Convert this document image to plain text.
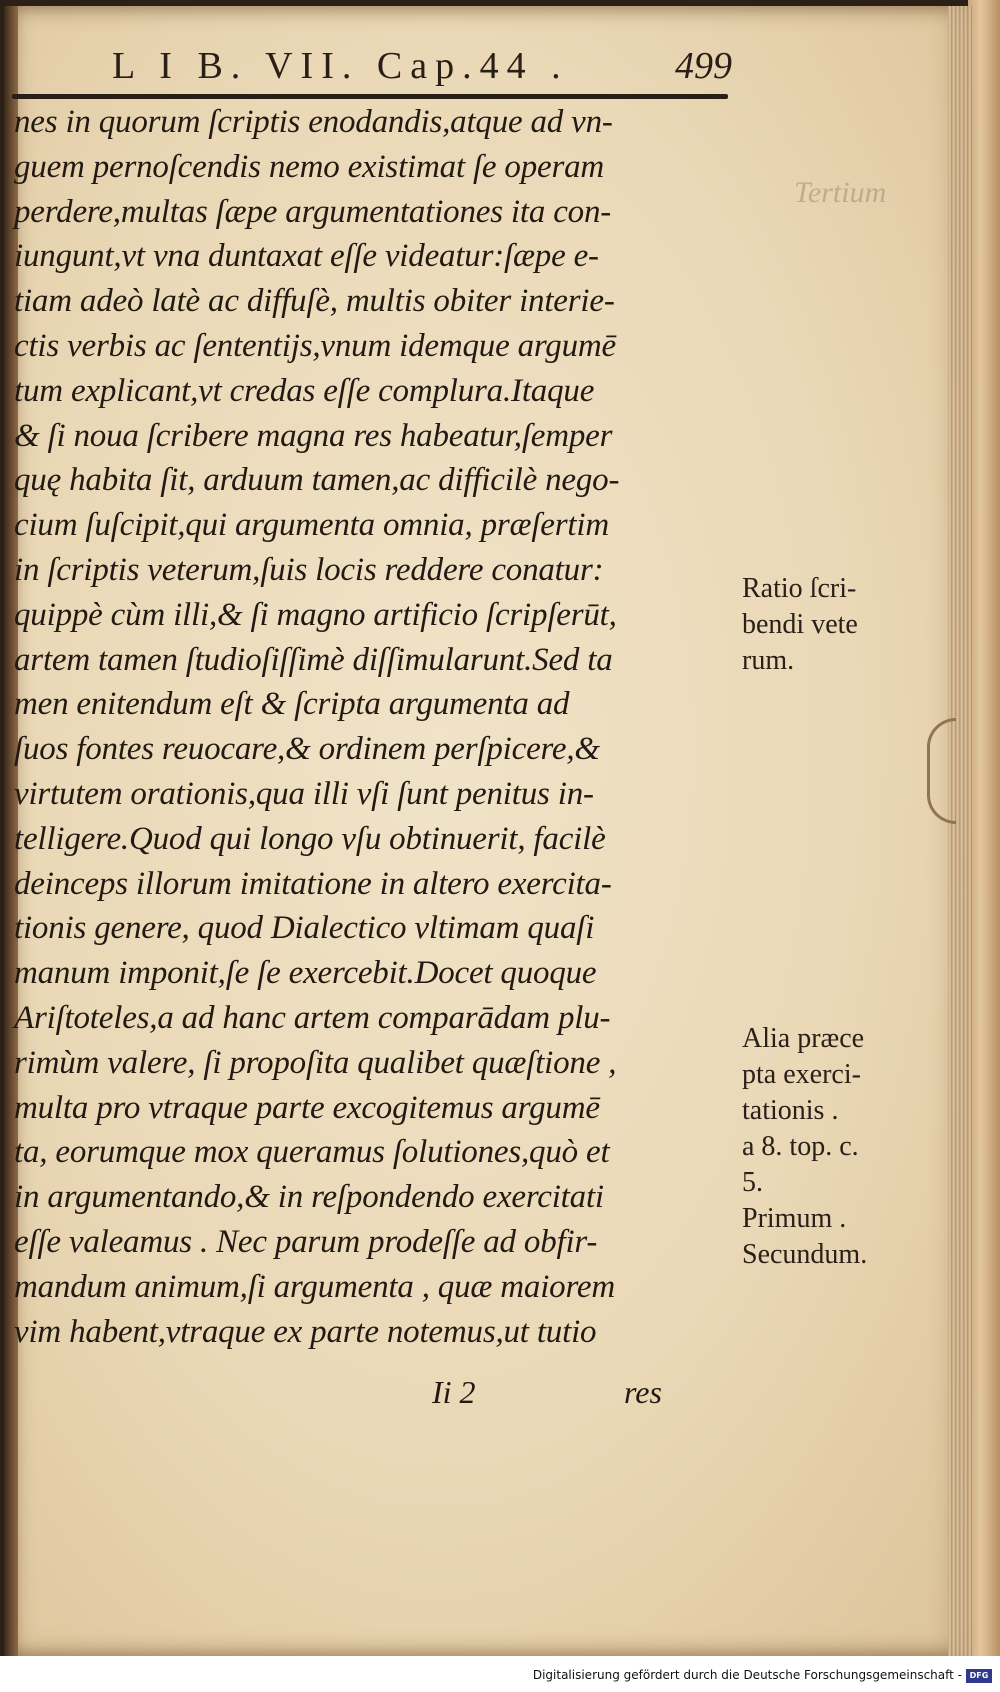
L I B. VII. Cap.44 .	499
nes in quorum ſcriptis enodandis,atque ad vn-
guem pernoſcendis nemo existimat ſe operam
perdere,multas ſæpe argumentationes ita con-
iungunt,vt vna duntaxat eſſe videatur:ſæpe e-
tiam adeò latè ac diffuſè, multis obiter interie-
ctis verbis ac ſententijs,vnum idemque argumē
tum explicant,vt credas eſſe complura.Itaque
& ſi noua ſcribere magna res habeatur,ſemper
quę habita ſit, arduum tamen,ac difficilè nego-
cium ſuſcipit,qui argumenta omnia, præſertim
in ſcriptis veterum,ſuis locis reddere conatur:
quippè cùm illi,& ſi magno artificio ſcripſerūt,
artem tamen ſtudioſiſſimè diſſimularunt.Sed ta
men enitendum eſt & ſcripta argumenta ad
ſuos fontes reuocare,& ordinem perſpicere,&
virtutem orationis,qua illi vſi ſunt penitus in-
telligere.Quod qui longo vſu obtinuerit, facilè
deinceps illorum imitatione in altero exercita-
tionis genere, quod Dialectico vltimam quaſi
manum imponit,ſe ſe exercebit.Docet quoque
Ariſtoteles,a ad hanc artem comparādam plu-
rimùm valere, ſi propoſita qualibet quæſtione ,
multa pro vtraque parte excogitemus argumē
ta, eorumque mox queramus ſolutiones,quò et
in argumentando,& in reſpondendo exercitati
eſſe valeamus . Nec parum prodeſſe ad obfir-
mandum animum,ſi argumenta , quæ maiorem
vim habent,vtraque ex parte notemus,ut tutio
Ii 2	res
Tertium
Ratio ſcri-
bendi vete
rum.
Alia præce
pta exerci-
tationis .
a 8. top. c.
5.
Primum .
Secundum.
Digitalisierung gefördert durch die Deutsche Forschungsgemeinschaft - DFG
